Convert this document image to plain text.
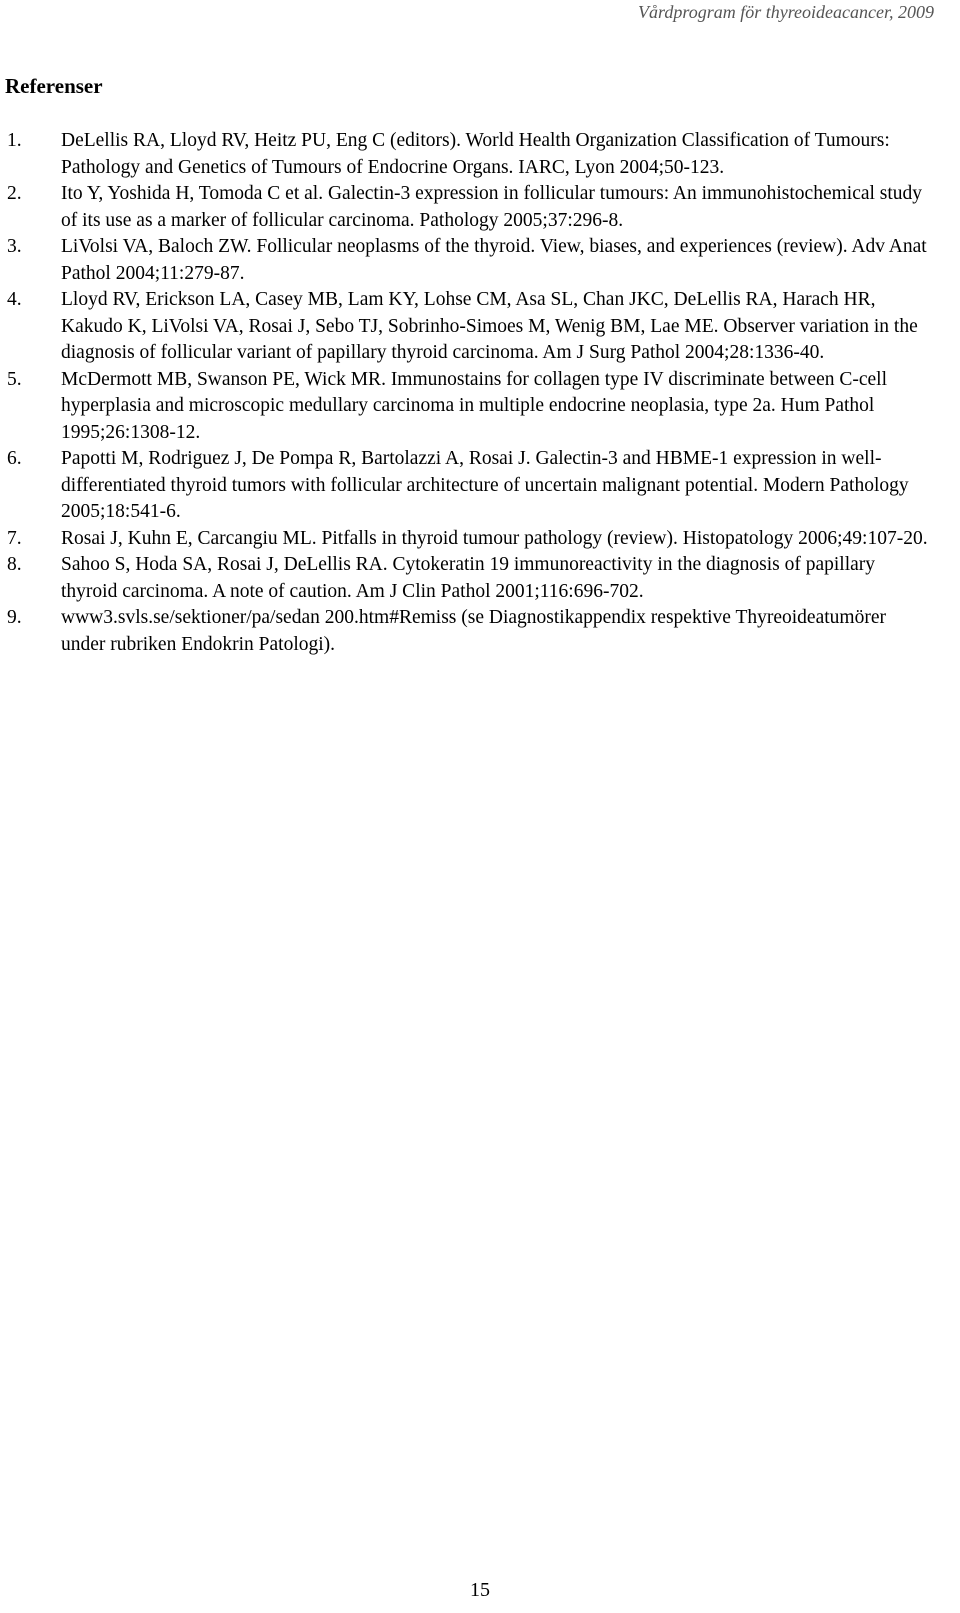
Vårdprogram för thyreoideacancer, 2009
Referenser
1. DeLellis RA, Lloyd RV, Heitz PU, Eng C (editors). World Health Organization Classification of Tumours: Pathology and Genetics of Tumours of Endocrine Organs. IARC, Lyon 2004;50-123.
2. Ito Y, Yoshida H, Tomoda C et al. Galectin-3 expression in follicular tumours: An immunohistochemical study of its use as a marker of follicular carcinoma. Pathology 2005;37:296-8.
3. LiVolsi VA, Baloch ZW. Follicular neoplasms of the thyroid. View, biases, and experiences (review). Adv Anat Pathol 2004;11:279-87.
4. Lloyd RV, Erickson LA, Casey MB, Lam KY, Lohse CM, Asa SL, Chan JKC, DeLellis RA, Harach HR, Kakudo K, LiVolsi VA, Rosai J, Sebo TJ, Sobrinho-Simoes M, Wenig BM, Lae ME. Observer variation in the diagnosis of follicular variant of papillary thyroid carcinoma. Am J Surg Pathol 2004;28:1336-40.
5. McDermott MB, Swanson PE, Wick MR. Immunostains for collagen type IV discriminate between C-cell hyperplasia and microscopic medullary carcinoma in multiple endocrine neoplasia, type 2a. Hum Pathol 1995;26:1308-12.
6. Papotti M, Rodriguez J, De Pompa R, Bartolazzi A, Rosai J. Galectin-3 and HBME-1 expression in well-differentiated thyroid tumors with follicular architecture of uncertain malignant potential. Modern Pathology 2005;18:541-6.
7. Rosai J, Kuhn E, Carcangiu ML. Pitfalls in thyroid tumour pathology (review). Histopatology 2006;49:107-20.
8. Sahoo S, Hoda SA, Rosai J, DeLellis RA. Cytokeratin 19 immunoreactivity in the diagnosis of papillary thyroid carcinoma. A note of caution. Am J Clin Pathol 2001;116:696-702.
9. www3.svls.se/sektioner/pa/sedan 200.htm#Remiss (se Diagnostikappendix respektive Thyreoideatumörer under rubriken Endokrin Patologi).
15
